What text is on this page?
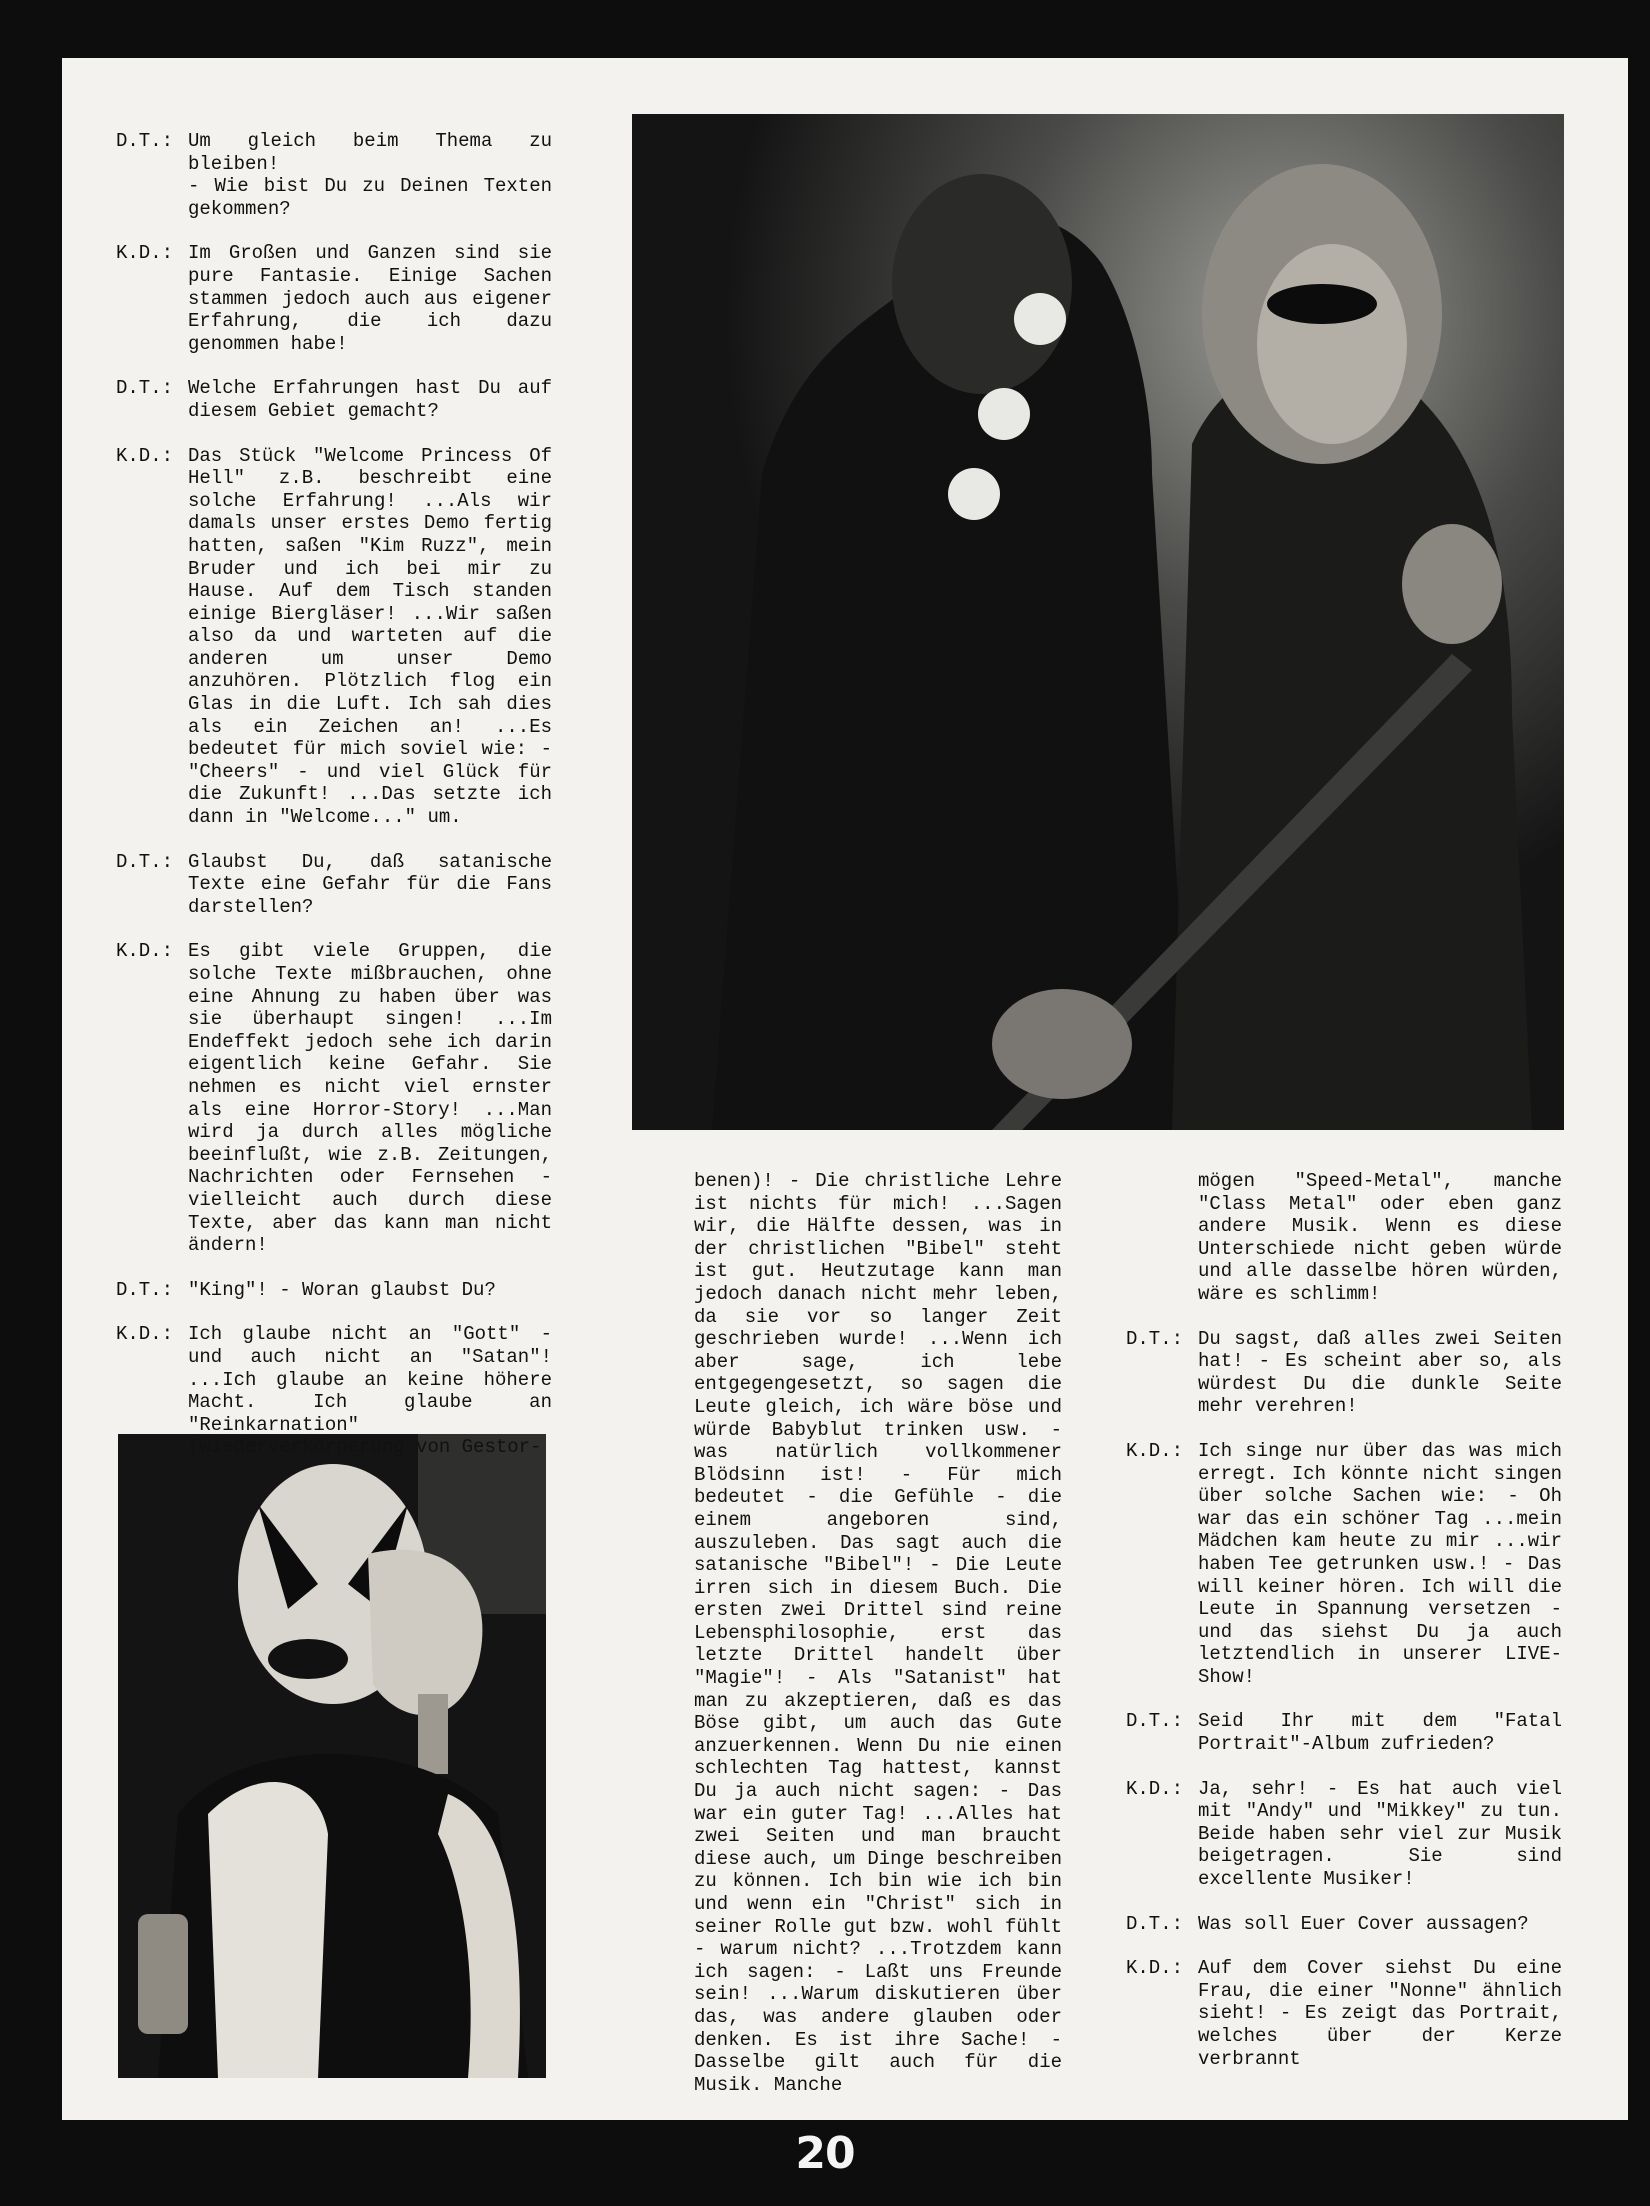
D.T.: Um gleich beim Thema zu bleiben!
- Wie bist Du zu Deinen Texten gekommen?
K.D.: Im Großen und Ganzen sind sie pure Fantasie. Einige Sachen stammen jedoch auch aus eigener Erfahrung, die ich dazu genommen habe!
D.T.: Welche Erfahrungen hast Du auf diesem Gebiet gemacht?
K.D.: Das Stück "Welcome Princess Of Hell" z.B. beschreibt eine solche Erfahrung! ...Als wir damals unser erstes Demo fertig hatten, saßen "Kim Ruzz", mein Bruder und ich bei mir zu Hause. Auf dem Tisch standen einige Biergläser! ...Wir saßen also da und warteten auf die anderen um unser Demo anzuhören. Plötzlich flog ein Glas in die Luft. Ich sah dies als ein Zeichen an! ...Es bedeutet für mich soviel wie: - "Cheers" - und viel Glück für die Zukunft! ...Das setzte ich dann in "Welcome..." um.
D.T.: Glaubst Du, daß satanische Texte eine Gefahr für die Fans darstellen?
K.D.: Es gibt viele Gruppen, die solche Texte mißbrauchen, ohne eine Ahnung zu haben über was sie überhaupt singen! ...Im Endeffekt jedoch sehe ich darin eigentlich keine Gefahr. Sie nehmen es nicht viel ernster als eine Horror-Story! ...Man wird ja durch alles mögliche beeinflußt, wie z.B. Zeitungen, Nachrichten oder Fernsehen - vielleicht auch durch diese Texte, aber das kann man nicht ändern!
D.T.: "King"! - Woran glaubst Du?
K.D.: Ich glaube nicht an "Gott" - und auch nicht an "Satan"! ...Ich glaube an keine höhere Macht. Ich glaube an "Reinkarnation" (Wiederverkörperung von Gestor-
benen)! - Die christliche Lehre ist nichts für mich! ...Sagen wir, die Hälfte dessen, was in der christlichen "Bibel" steht ist gut. Heutzutage kann man jedoch danach nicht mehr leben, da sie vor so langer Zeit geschrieben wurde! ...Wenn ich aber sage, ich lebe entgegengesetzt, so sagen die Leute gleich, ich wäre böse und würde Babyblut trinken usw. - was natürlich vollkommener Blödsinn ist! - Für mich bedeutet - die Gefühle - die einem angeboren sind, auszuleben. Das sagt auch die satanische "Bibel"! - Die Leute irren sich in diesem Buch. Die ersten zwei Drittel sind reine Lebensphilosophie, erst das letzte Drittel handelt über "Magie"! - Als "Satanist" hat man zu akzeptieren, daß es das Böse gibt, um auch das Gute anzuerkennen. Wenn Du nie einen schlechten Tag hattest, kannst Du ja auch nicht sagen: - Das war ein guter Tag! ...Alles hat zwei Seiten und man braucht diese auch, um Dinge beschreiben zu können. Ich bin wie ich bin und wenn ein "Christ" sich in seiner Rolle gut bzw. wohl fühlt - warum nicht? ...Trotzdem kann ich sagen: - Laßt uns Freunde sein! ...Warum diskutieren über das, was andere glauben oder denken. Es ist ihre Sache! - Dasselbe gilt auch für die Musik. Manche
mögen "Speed-Metal", manche "Class Metal" oder eben ganz andere Musik. Wenn es diese Unterschiede nicht geben würde und alle dasselbe hören würden, wäre es schlimm!
D.T.: Du sagst, daß alles zwei Seiten hat! - Es scheint aber so, als würdest Du die dunkle Seite mehr verehren!
K.D.: Ich singe nur über das was mich erregt. Ich könnte nicht singen über solche Sachen wie: - Oh war das ein schöner Tag ...mein Mädchen kam heute zu mir ...wir haben Tee getrunken usw.! - Das will keiner hören. Ich will die Leute in Spannung versetzen - und das siehst Du ja auch letztendlich in unserer LIVE-Show!
D.T.: Seid Ihr mit dem "Fatal Portrait"-Album zufrieden?
K.D.: Ja, sehr! - Es hat auch viel mit "Andy" und "Mikkey" zu tun. Beide haben sehr viel zur Musik beigetragen. Sie sind excellente Musiker!
D.T.: Was soll Euer Cover aussagen?
K.D.: Auf dem Cover siehst Du eine Frau, die einer "Nonne" ähnlich sieht! - Es zeigt das Portrait, welches über der Kerze verbrannt
20
